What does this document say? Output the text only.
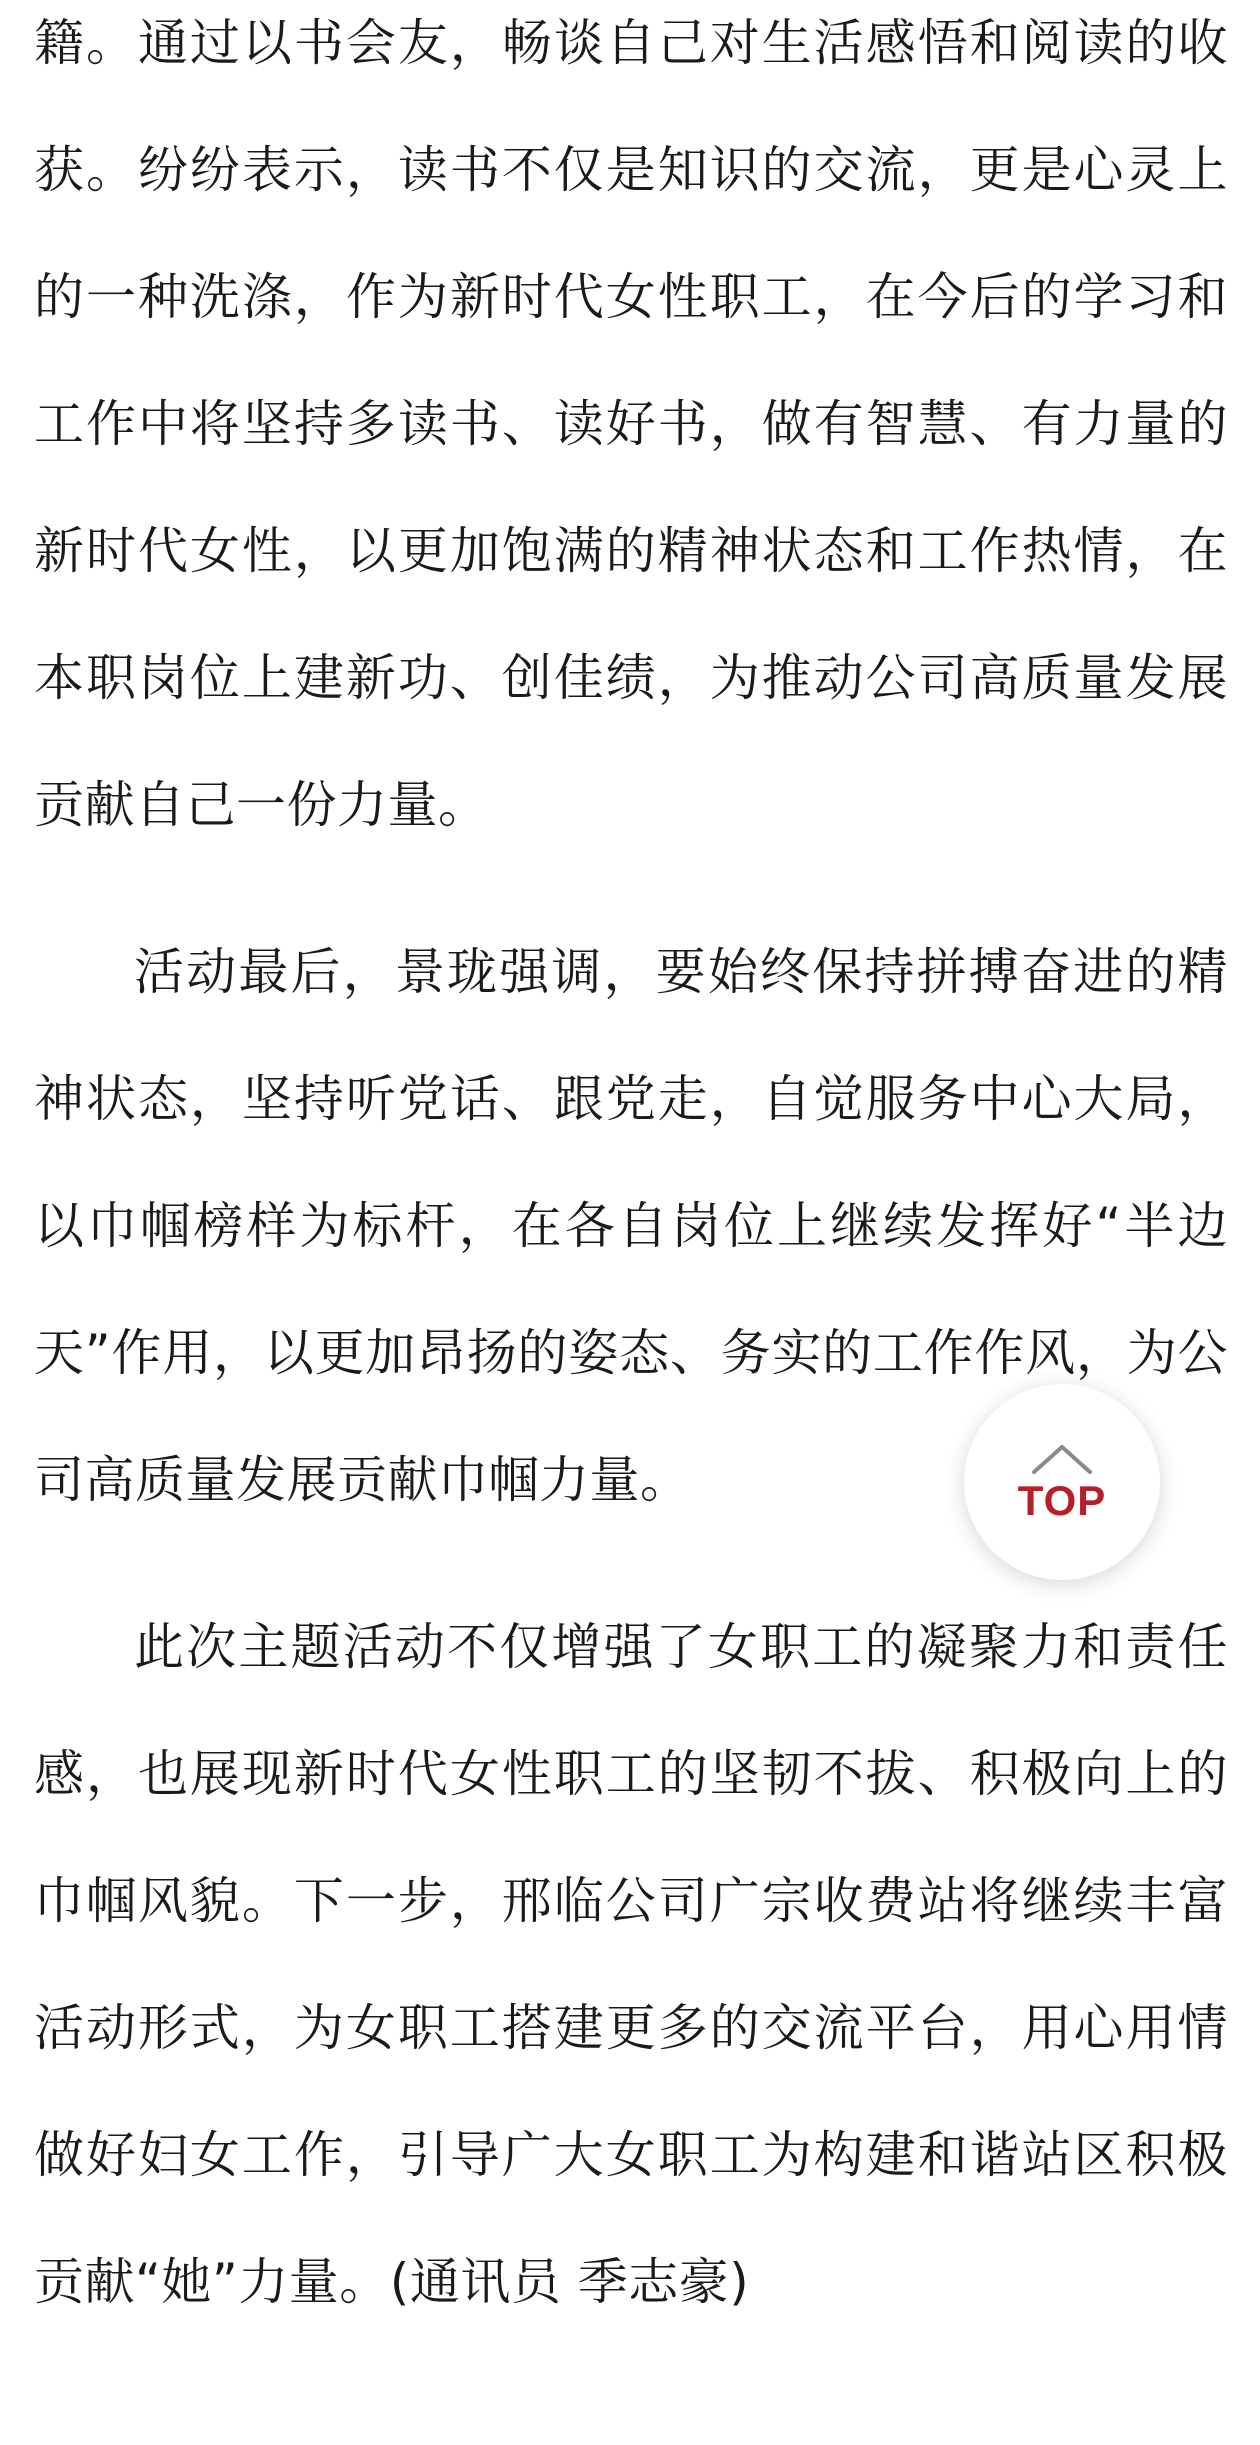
籍。通过以书会友，畅谈自己对生活感悟和阅读的收获。纷纷表示，读书不仅是知识的交流，更是心灵上的一种洗涤，作为新时代女性职工，在今后的学习和工作中将坚持多读书、读好书，做有智慧、有力量的新时代女性，以更加饱满的精神状态和工作热情，在本职岗位上建新功、创佳绩，为推动公司高质量发展贡献自己一份力量。

活动最后，景珑强调，要始终保持拼搏奋进的精神状态，坚持听党话、跟党走，自觉服务中心大局，以巾帼榜样为标杆，在各自岗位上继续发挥好“半边天”作用，以更加昂扬的姿态、务实的工作作风，为公司高质量发展贡献巾帼力量。

此次主题活动不仅增强了女职工的凝聚力和责任感，也展现新时代女性职工的坚韧不拔、积极向上的巾帼风貌。下一步，邢临公司广宗收费站将继续丰富活动形式，为女职工搭建更多的交流平台，用心用情做好妇女工作，引导广大女职工为构建和谐站区积极贡献“她”力量。(通讯员 季志豪)

TOP
